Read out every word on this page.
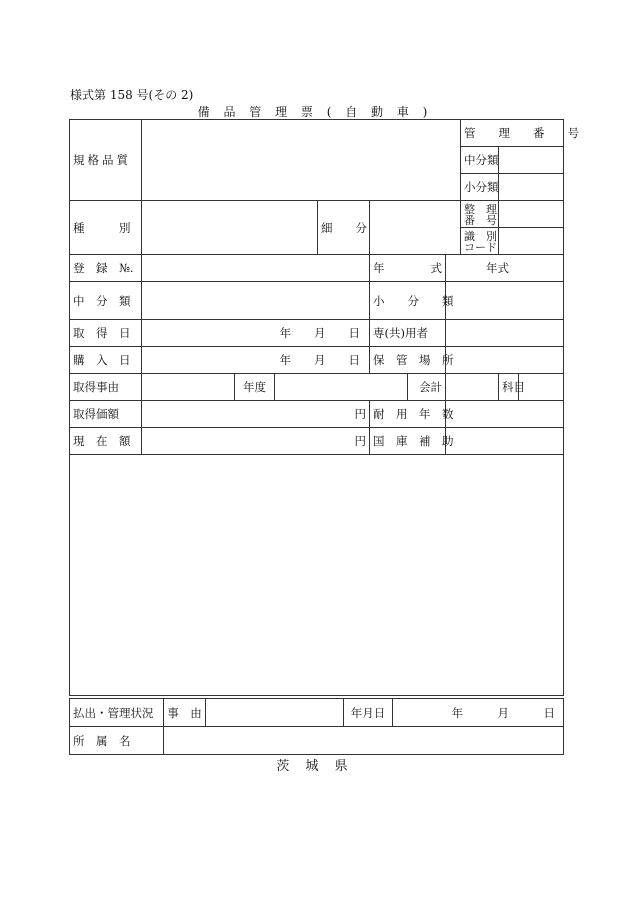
様式第 158 号(その 2)
備 品 管 理 票 ( 自 動 車 )
規格品質								管　　理　　番　　号		
								中分類		
								小分類		
種　　　別				細　　分				整　理
番　号		

								識　別
コード		

登　録　№.					年　　　　式		年式			
中　分　類					小　　分　　類					
取　得　日	年　　月　　日				専(共)用者					
購　入　日	年　　月　　日				保　管　場　所					
取得事由		年度				会計			科目	
取得価額	円				耐　用　年　数					
現　在　額	円				国　庫　補　助					

払出・管理状況	事　由		年月日	年　　　月　　　日
所　属　名				
茨 城 県
